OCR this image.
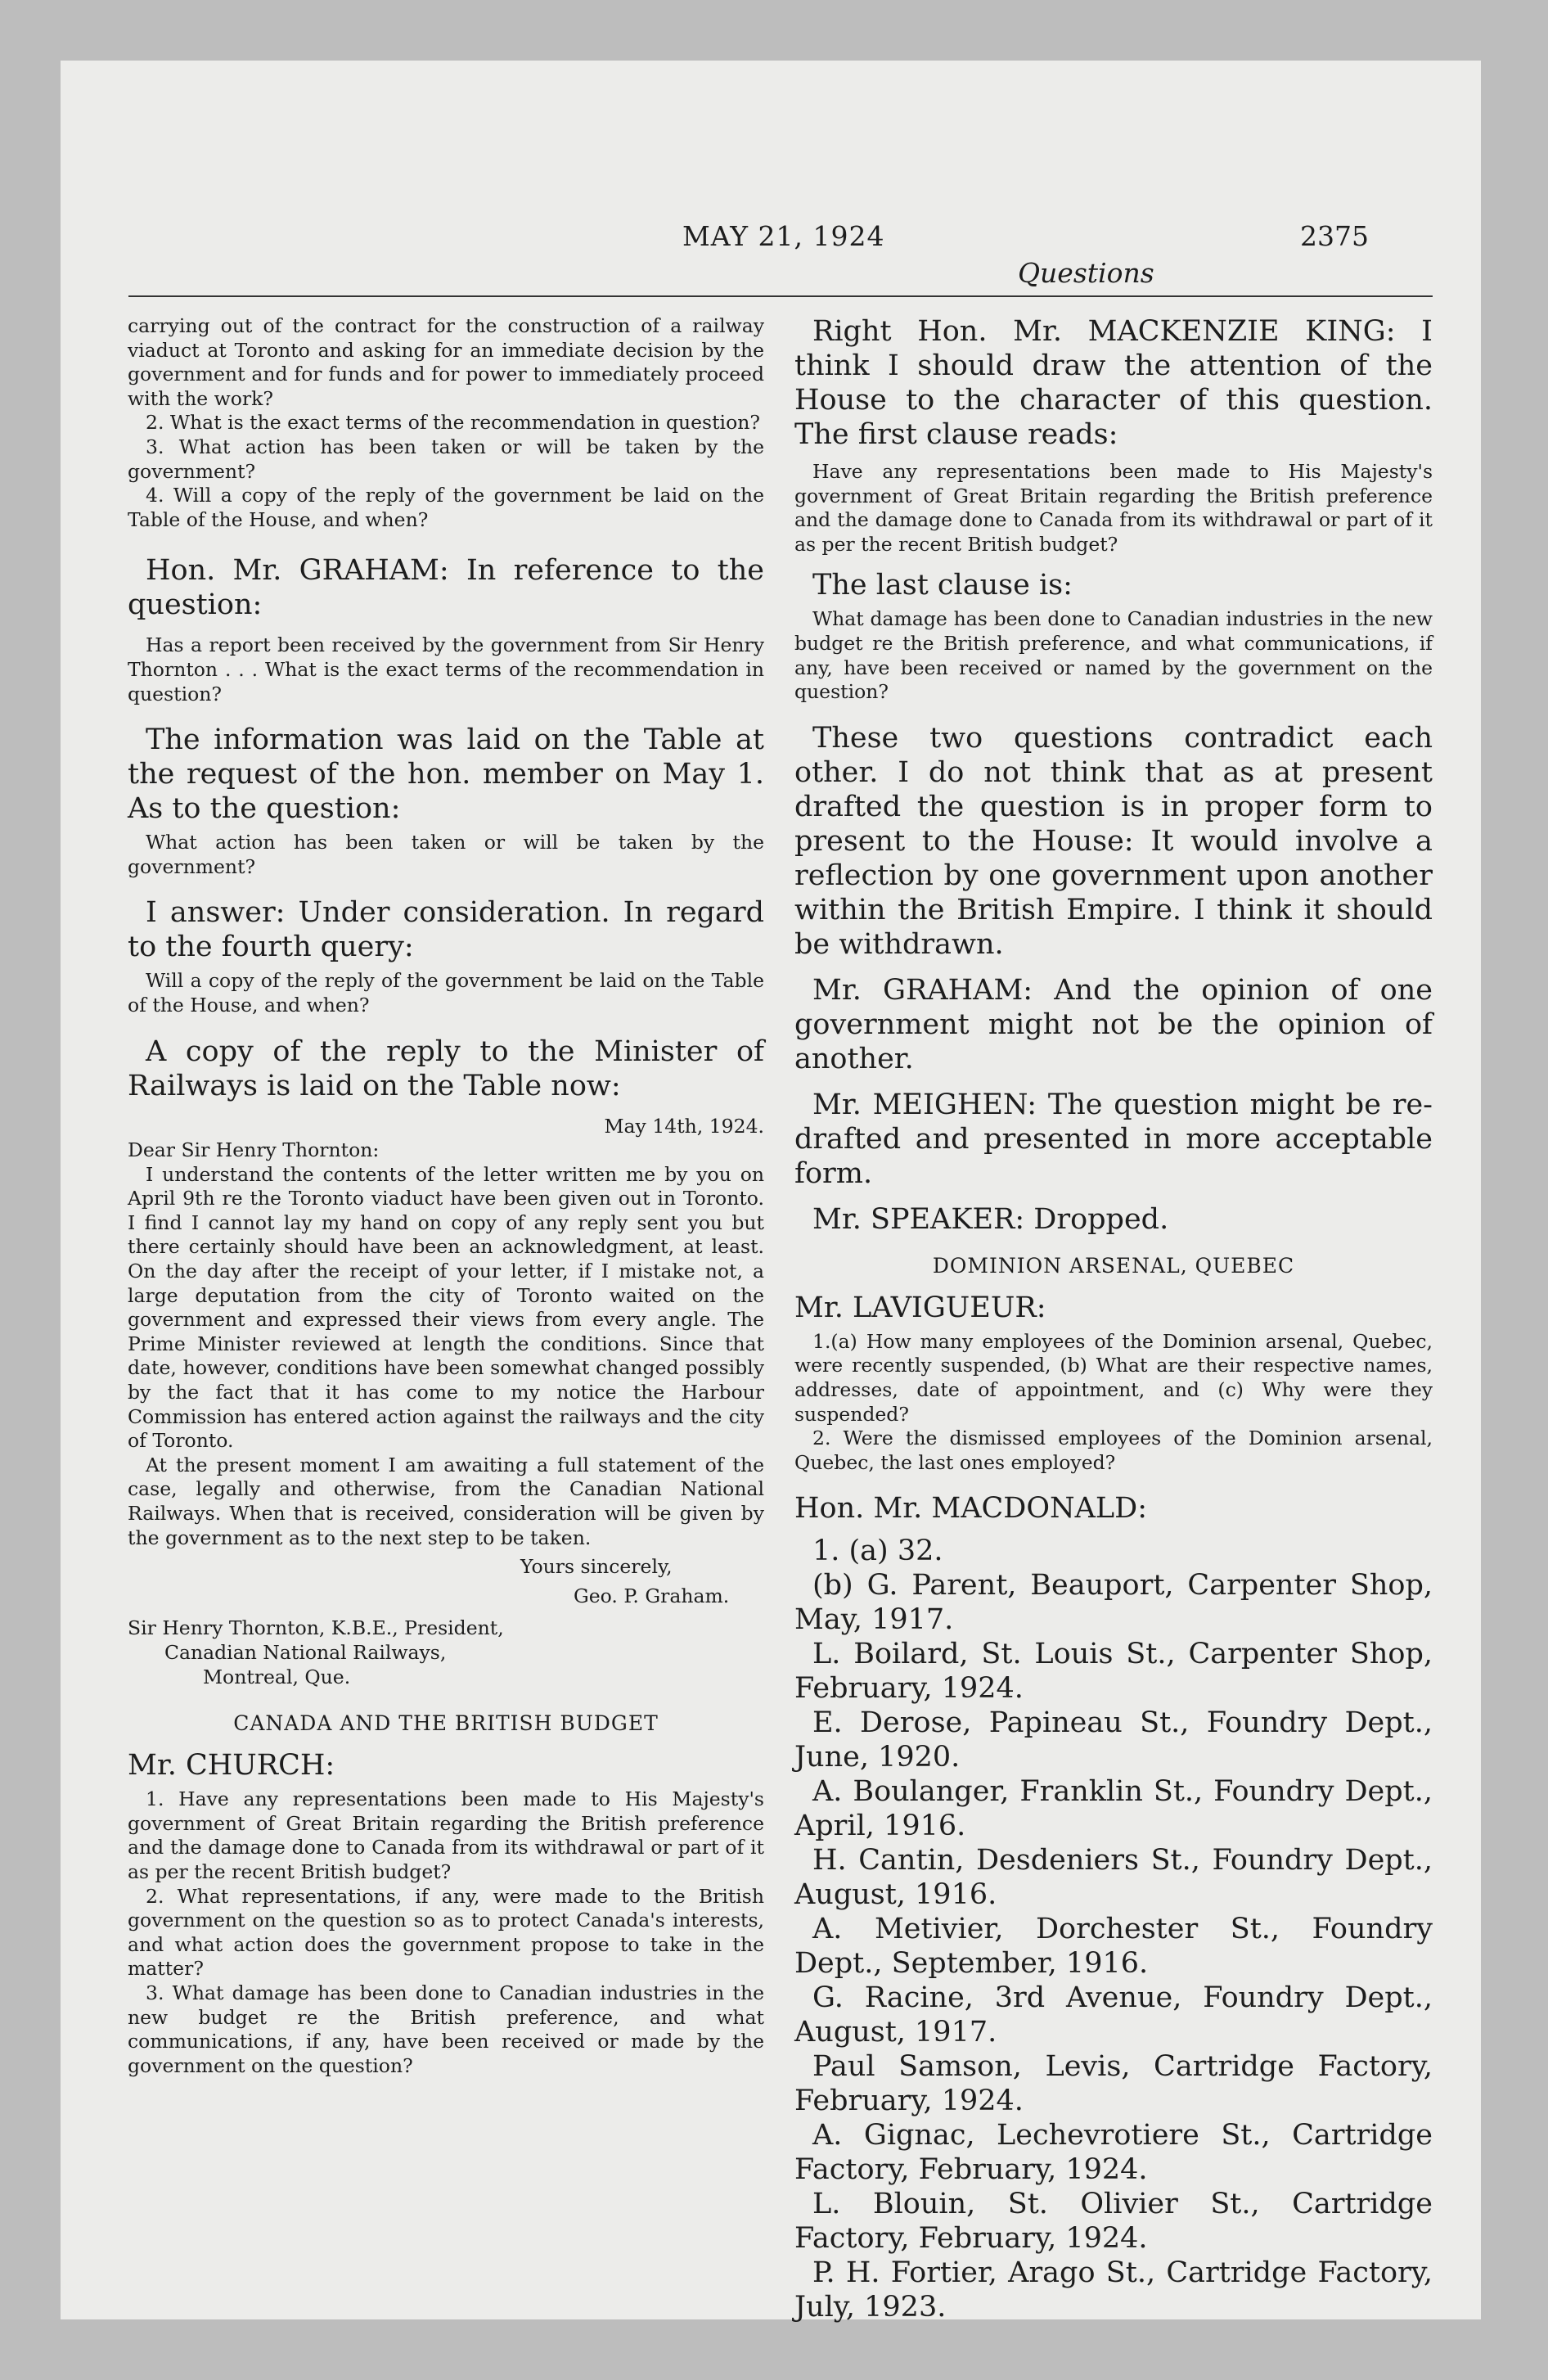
MAY 21, 1924	2375
Questions

carrying out of the contract for the construction of a railway viaduct at Toronto and asking for an immediate decision by the government and for funds and for power to immediately proceed with the work?

2. What is the exact terms of the recommendation in question?

3. What action has been taken or will be taken by the government?

4. Will a copy of the reply of the government be laid on the Table of the House, and when?

Hon. Mr. GRAHAM: In reference to the question:

Has a report been received by the government from Sir Henry Thornton . . . What is the exact terms of the recommendation in question?

The information was laid on the Table at the request of the hon. member on May 1. As to the question:

What action has been taken or will be taken by the government?

I answer: Under consideration. In regard to the fourth query:

Will a copy of the reply of the government be laid on the Table of the House, and when?

A copy of the reply to the Minister of Railways is laid on the Table now:

May 14th, 1924.

Dear Sir Henry Thornton:

I understand the contents of the letter written me by you on April 9th re the Toronto viaduct have been given out in Toronto. I find I cannot lay my hand on copy of any reply sent you but there certainly should have been an acknowledgment, at least. On the day after the receipt of your letter, if I mistake not, a large deputation from the city of Toronto waited on the government and expressed their views from every angle. The Prime Minister reviewed at length the conditions. Since that date, however, conditions have been somewhat changed possibly by the fact that it has come to my notice the Harbour Commission has entered action against the railways and the city of Toronto.

At the present moment I am awaiting a full statement of the case, legally and otherwise, from the Canadian National Railways. When that is received, consideration will be given by the government as to the next step to be taken.

Yours sincerely,

Geo. P. Graham.

Sir Henry Thornton, K.B.E., President,

Canadian National Railways,

Montreal, Que.

CANADA AND THE BRITISH BUDGET

Mr. CHURCH:

1. Have any representations been made to His Majesty's government of Great Britain regarding the British preference and the damage done to Canada from its withdrawal or part of it as per the recent British budget?

2. What representations, if any, were made to the British government on the question so as to protect Canada's interests, and what action does the government propose to take in the matter?

3. What damage has been done to Canadian industries in the new budget re the British preference, and what communications, if any, have been received or made by the government on the question?

Right Hon. Mr. MACKENZIE KING: I think I should draw the attention of the House to the character of this question. The first clause reads:

Have any representations been made to His Majesty's government of Great Britain regarding the British preference and the damage done to Canada from its withdrawal or part of it as per the recent British budget?

The last clause is:

What damage has been done to Canadian industries in the new budget re the British preference, and what communications, if any, have been received or named by the government on the question?

These two questions contradict each other. I do not think that as at present drafted the question is in proper form to present to the House: It would involve a reflection by one government upon another within the British Empire. I think it should be withdrawn.

Mr. GRAHAM: And the opinion of one government might not be the opinion of another.

Mr. MEIGHEN: The question might be re-drafted and presented in more acceptable form.

Mr. SPEAKER: Dropped.

DOMINION ARSENAL, QUEBEC

Mr. LAVIGUEUR:

1.(a) How many employees of the Dominion arsenal, Quebec, were recently suspended, (b) What are their respective names, addresses, date of appointment, and (c) Why were they suspended?

2. Were the dismissed employees of the Dominion arsenal, Quebec, the last ones employed?

Hon. Mr. MACDONALD:

1. (a) 32.

(b) G. Parent, Beauport, Carpenter Shop, May, 1917.

L. Boilard, St. Louis St., Carpenter Shop, February, 1924.

E. Derose, Papineau St., Foundry Dept., June, 1920.

A. Boulanger, Franklin St., Foundry Dept., April, 1916.

H. Cantin, Desdeniers St., Foundry Dept., August, 1916.

A. Metivier, Dorchester St., Foundry Dept., September, 1916.

G. Racine, 3rd Avenue, Foundry Dept., August, 1917.

Paul Samson, Levis, Cartridge Factory, February, 1924.

A. Gignac, Lechevrotiere St., Cartridge Factory, February, 1924.

L. Blouin, St. Olivier St., Cartridge Factory, February, 1924.

P. H. Fortier, Arago St., Cartridge Factory, July, 1923.
